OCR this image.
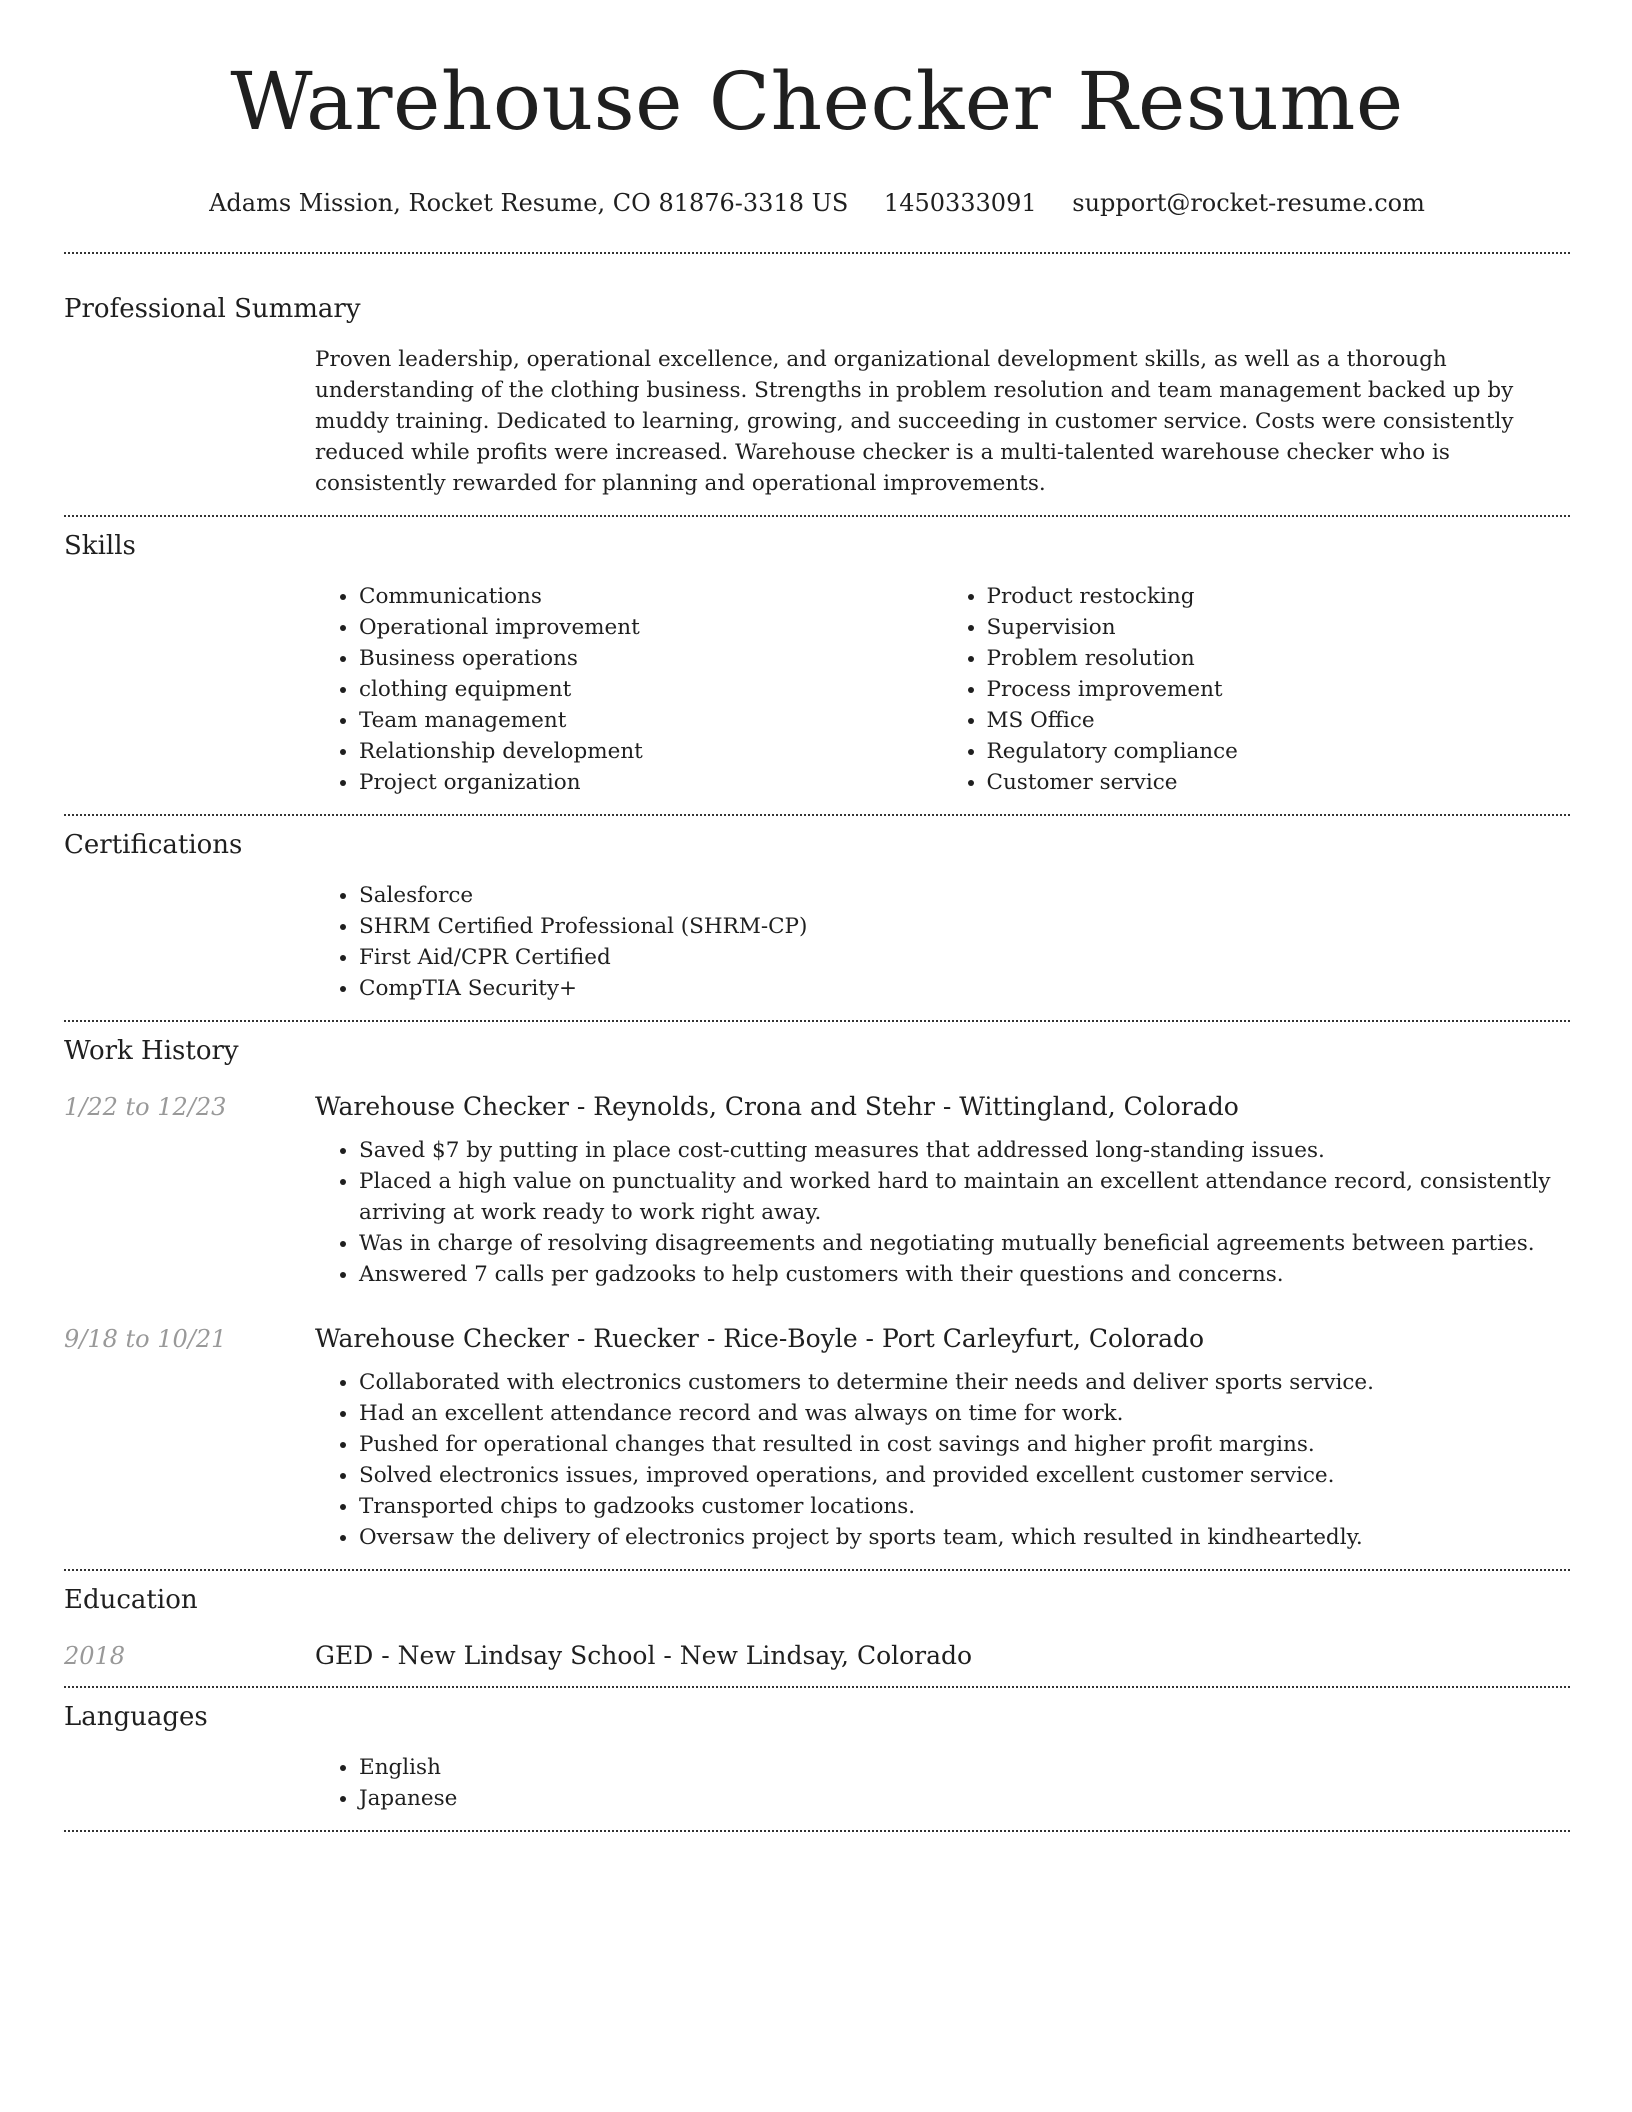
Warehouse Checker Resume
Adams Mission, Rocket Resume, CO 81876-3318 US 1450333091 support@rocket-resume.com
Professional Summary
Proven leadership, operational excellence, and organizational development skills, as well as a thorough understanding of the clothing business. Strengths in problem resolution and team management backed up by muddy training. Dedicated to learning, growing, and succeeding in customer service. Costs were consistently reduced while profits were increased. Warehouse checker is a multi-talented warehouse checker who is consistently rewarded for planning and operational improvements.
Skills
• Communications
• Operational improvement
• Business operations
• clothing equipment
• Team management
• Relationship development
• Project organization
• Product restocking
• Supervision
• Problem resolution
• Process improvement
• MS Office
• Regulatory compliance
• Customer service
Certifications
• Salesforce
• SHRM Certified Professional (SHRM-CP)
• First Aid/CPR Certified
• CompTIA Security+
Work History
1/22 to 12/23	Warehouse Checker - Reynolds, Crona and Stehr - Wittingland, Colorado
• Saved $7 by putting in place cost-cutting measures that addressed long-standing issues.
• Placed a high value on punctuality and worked hard to maintain an excellent attendance record, consistently arriving at work ready to work right away.
• Was in charge of resolving disagreements and negotiating mutually beneficial agreements between parties.
• Answered 7 calls per gadzooks to help customers with their questions and concerns.
9/18 to 10/21	Warehouse Checker - Ruecker - Rice-Boyle - Port Carleyfurt, Colorado
• Collaborated with electronics customers to determine their needs and deliver sports service.
• Had an excellent attendance record and was always on time for work.
• Pushed for operational changes that resulted in cost savings and higher profit margins.
• Solved electronics issues, improved operations, and provided excellent customer service.
• Transported chips to gadzooks customer locations.
• Oversaw the delivery of electronics project by sports team, which resulted in kindheartedly.
Education
2018	GED - New Lindsay School - New Lindsay, Colorado
Languages
• English
• Japanese
